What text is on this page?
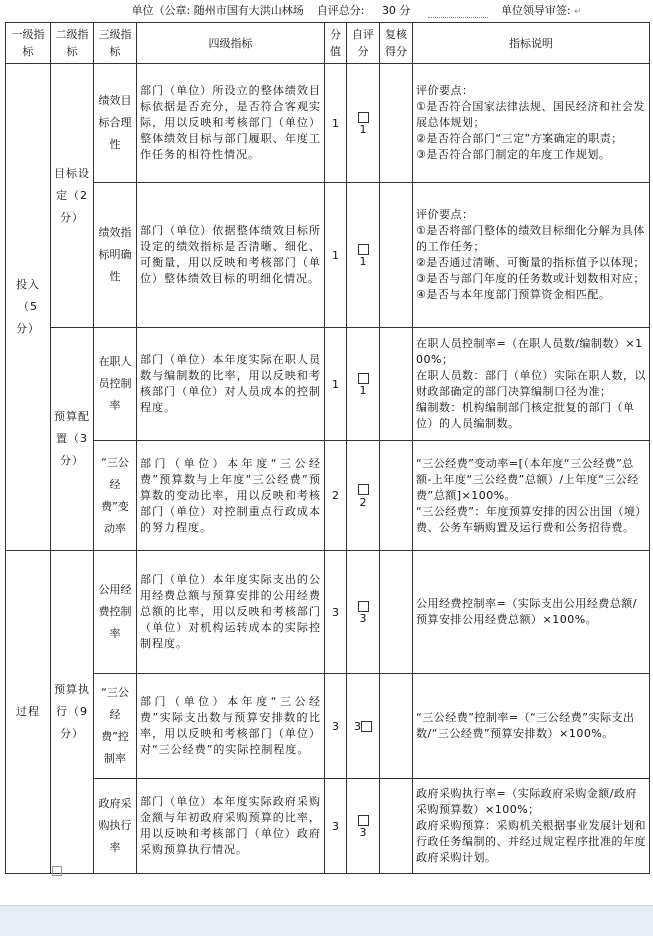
单位（公章: 随州市国有大洪山林场 自评总分: 30 分	单位领导审签: ↵
一级指标	二级指标	三级指标	四级指标	分值	自评分	复核得分	指标说明
投入（5分）	目标设定（2分）	绩效目标合理性	部门（单位）所设立的整体绩效目标依据是否充分，是否符合客观实际，用以反映和考核部门（单位）整体绩效目标与部门履职、年度工作任务的相符性情况。	1	1		评价要点：
①是否符合国家法律法规、国民经济和社会发展总体规划；
②是否符合部门“三定”方案确定的职责；
③是否符合部门制定的年度工作规划。
		绩效指标明确性	部门（单位）依据整体绩效目标所设定的绩效指标是否清晰、细化、可衡量，用以反映和考核部门（单位）整体绩效目标的明细化情况。	1	1		评价要点：
①是否将部门整体的绩效目标细化分解为具体的工作任务；
②是否通过清晰、可衡量的指标值予以体现；
③是否与部门年度的任务数或计划数相对应；
④是否与本年度部门预算资金相匹配。
	预算配置（3分）	在职人员控制率	部门（单位）本年度实际在职人员数与编制数的比率，用以反映和考核部门（单位）对人员成本的控制程度。	1	1		在职人员控制率=（在职人员数/编制数）×100%；
在职人员数：部门（单位）实际在职人数，以财政部确定的部门决算编制口径为准；
编制数：机构编制部门核定批复的部门（单位）的人员编制数。
		“三公经费”变动率	部门（单位）本年度“三公经费”预算数与上年度“三公经费”预算数的变动比率，用以反映和考核部门（单位）对控制重点行政成本的努力程度。	2	2		“三公经费”变动率=[（本年度“三公经费”总额-上年度“三公经费”总额）/上年度“三公经费”总额]×100%。
“三公经费”：年度预算安排的因公出国（境）费、公务车辆购置及运行费和公务招待费。
过程	预算执行（9分）	公用经费控制率	部门（单位）本年度实际支出的公用经费总额与预算安排的公用经费总额的比率，用以反映和考核部门（单位）对机构运转成本的实际控制程度。	3	3		公用经费控制率=（实际支出公用经费总额/预算安排公用经费总额）×100%。
		“三公经费”控制率	部门（单位）本年度“三公经费”实际支出数与预算安排数的比率，用以反映和考核部门（单位）对“三公经费”的实际控制程度。	3	3		“三公经费”控制率=（“三公经费”实际支出数/“三公经费”预算安排数）×100%。
		政府采购执行率	部门（单位）本年度实际政府采购金额与年初政府采购预算的比率，用以反映和考核部门（单位）政府采购预算执行情况。	3	3		政府采购执行率=（实际政府采购金额/政府采购预算数）×100%；
政府采购预算：采购机关根据事业发展计划和行政任务编制的、并经过规定程序批准的年度政府采购计划。
